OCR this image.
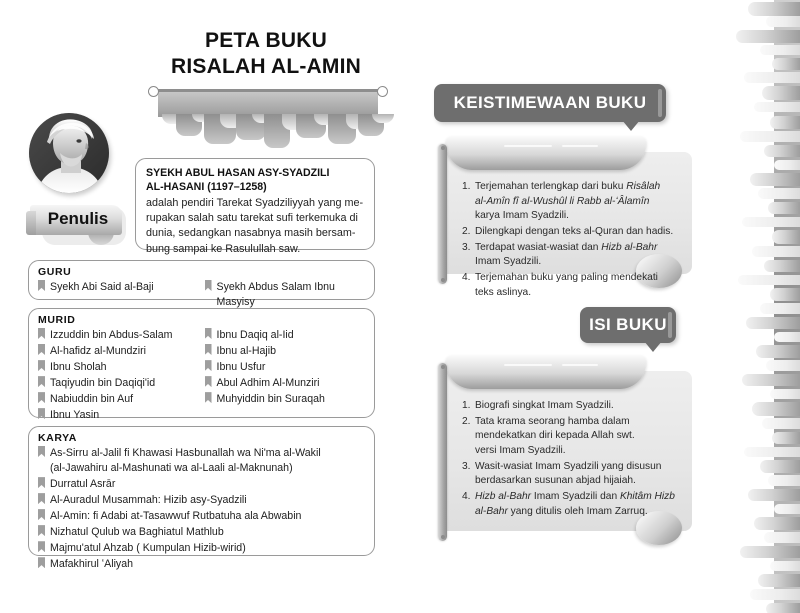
PETA BUKU
RISALAH AL-AMIN
Penulis
SYEKH ABUL HASAN ASY-SYADZILI
AL-HASANI (1197–1258)
adalah pendiri Tarekat Syadziliyyah yang me-
rupakan salah satu tarekat sufi terkemuka di
dunia, sedangkan nasabnya masih bersam-
bung sampai ke Rasulullah saw.
GURU
Syekh Abi Said al-Baji	Syekh Abdus Salam Ibnu Masyisy
MURID
Izzuddin bin Abdus-Salam
Al-hafidz al-Mundziri
Ibnu Sholah
Taqiyudin bin Daqiqi'id
Nabiuddin bin Auf
Ibnu Yasin
Ibnu Daqiq al-Iid
Ibnu al-Hajib
Ibnu Usfur
Abul Adhim Al-Munziri
Muhyiddin bin Suraqah
KARYA
As-Sirru al-Jalil fi Khawasi Hasbunallah wa Ni'ma al-Wakil
(al-Jawahiru al-Mashunati wa al-Laali al-Maknunah)
Durratul Asrār
Al-Auradul Musammah: Hizib asy-Syadzili
Al-Amin: fi Adabi at-Tasawwuf Rutbatuha ala Abwabin
Nizhatul Qulub wa Baghiatul Mathlub
Majmu'atul Ahzab ( Kumpulan Hizib-wirid)
Mafakhirul ʻAliyah
KEISTIMEWAAN BUKU
1. Terjemahan terlengkap dari buku Risâlah
al-Amîn fî al-Wushûl li Rabb al-ʻÂlamîn
karya Imam Syadzili.
2. Dilengkapi dengan teks al-Quran dan hadis.
3. Terdapat wasiat-wasiat dan Hizb al-Bahr
Imam Syadzili.
4. Terjemahan buku yang paling mendekati
teks aslinya.
ISI BUKU
1. Biografi singkat Imam Syadzili.
2. Tata krama seorang hamba dalam
mendekatkan diri kepada Allah swt.
versi Imam Syadzili.
3. Wasit-wasiat Imam Syadzili yang disusun
berdasarkan susunan abjad hijaiah.
4. Hizb al-Bahr Imam Syadzili dan Khitâm Hizb
al-Bahr yang ditulis oleh Imam Zarruq.
